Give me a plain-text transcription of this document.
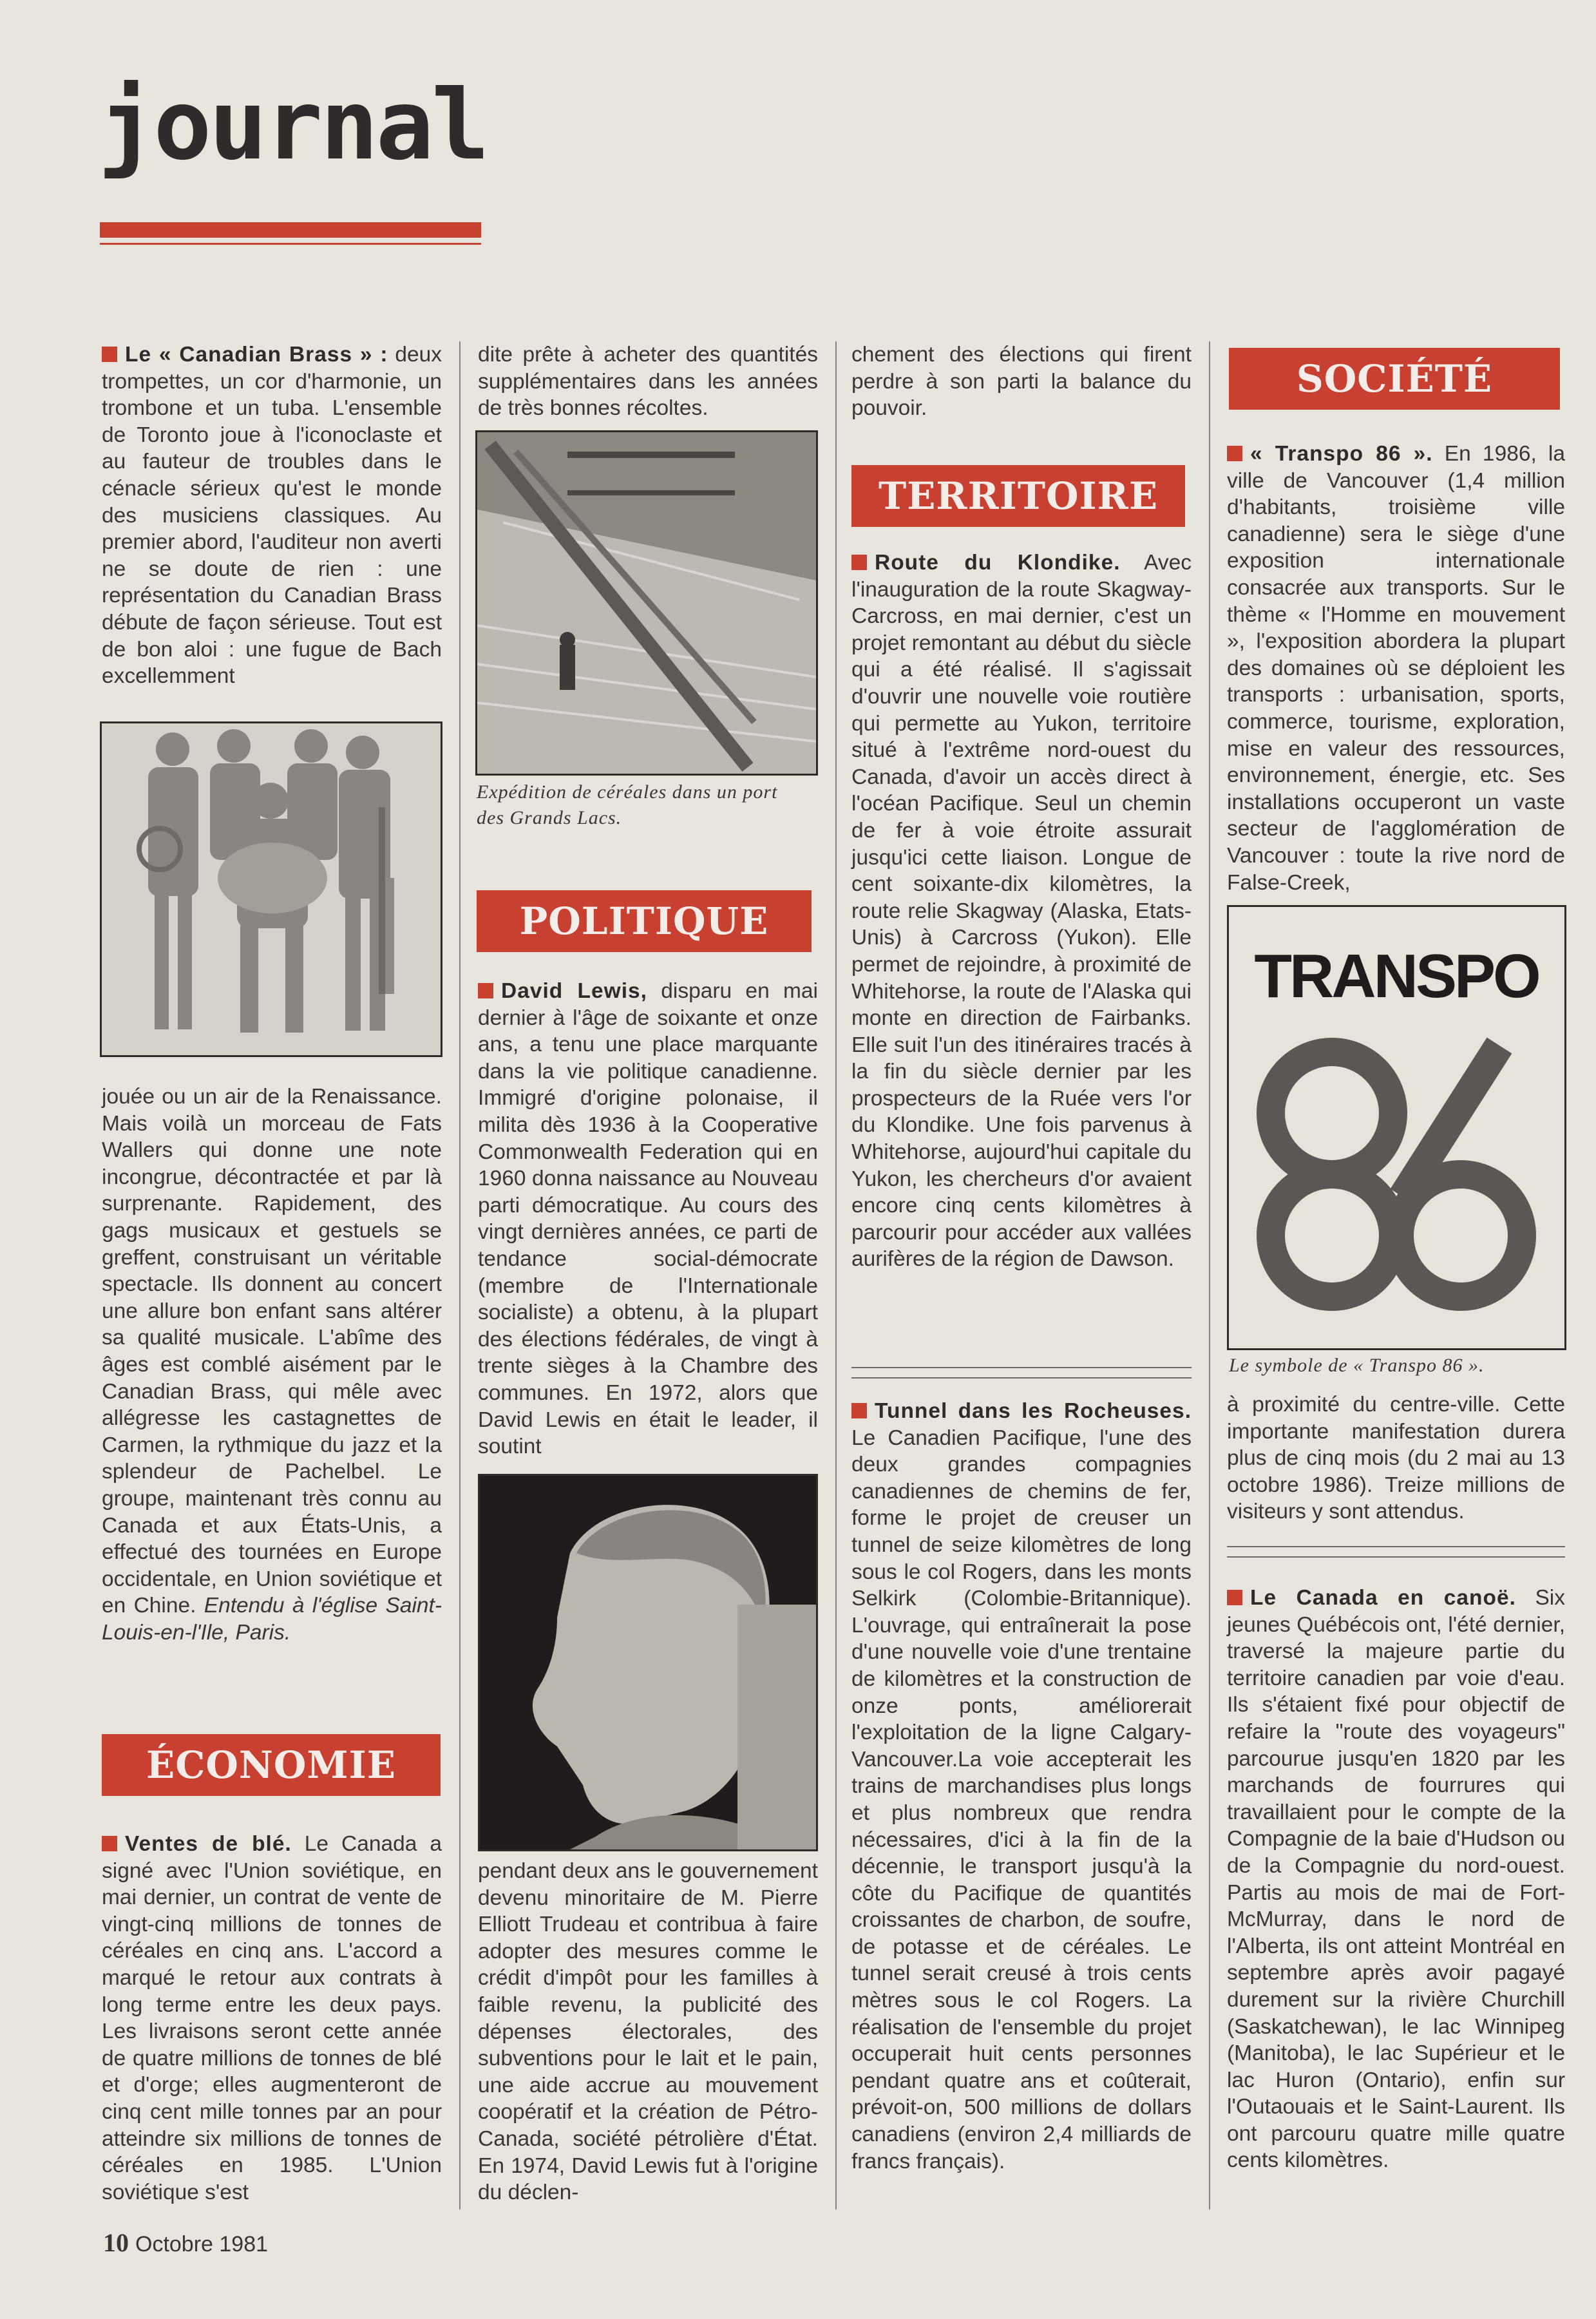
journal

Le « Canadian Brass » : deux trompettes, un cor d'harmonie, un trombone et un tuba. L'ensemble de Toronto joue à l'iconoclaste et au fauteur de troubles dans le cénacle sérieux qu'est le monde des musiciens classiques. Au premier abord, l'auditeur non averti ne se doute de rien : une représentation du Canadian Brass débute de façon sérieuse. Tout est de bon aloi : une fugue de Bach excellemment

jouée ou un air de la Renaissance. Mais voilà un morceau de Fats Wallers qui donne une note incongrue, décontractée et par là surprenante. Rapidement, des gags musicaux et gestuels se greffent, construisant un véritable spectacle. Ils donnent au concert une allure bon enfant sans altérer sa qualité musicale. L'abîme des âges est comblé aisément par le Canadian Brass, qui mêle avec allégresse les castagnettes de Carmen, la rythmique du jazz et la splendeur de Pachelbel. Le groupe, maintenant très connu au Canada et aux États-Unis, a effectué des tournées en Europe occidentale, en Union soviétique et en Chine. Entendu à l'église Saint-Louis-en-l'Ile, Paris.

ÉCONOMIE

Ventes de blé. Le Canada a signé avec l'Union soviétique, en mai dernier, un contrat de vente de vingt-cinq millions de tonnes de céréales en cinq ans. L'accord a marqué le retour aux contrats à long terme entre les deux pays. Les livraisons seront cette année de quatre millions de tonnes de blé et d'orge; elles augmenteront de cinq cent mille tonnes par an pour atteindre six millions de tonnes de céréales en 1985. L'Union soviétique s'est

dite prête à acheter des quantités supplémentaires dans les années de très bonnes récoltes.

Expédition de céréales dans un port des Grands Lacs.
POLITIQUE

David Lewis, disparu en mai dernier à l'âge de soixante et onze ans, a tenu une place marquante dans la vie politique canadienne. Immigré d'origine polonaise, il milita dès 1936 à la Cooperative Commonwealth Federation qui en 1960 donna naissance au Nouveau parti démocratique. Au cours des vingt dernières années, ce parti de tendance social-démocrate (membre de l'Internationale socialiste) a obtenu, à la plupart des élections fédérales, de vingt à trente sièges à la Chambre des communes. En 1972, alors que David Lewis en était le leader, il soutint

pendant deux ans le gouvernement devenu minoritaire de M. Pierre Elliott Trudeau et contribua à faire adopter des mesures comme le crédit d'impôt pour les familles à faible revenu, la publicité des dépenses électorales, des subventions pour le lait et le pain, une aide accrue au mouvement coopératif et la création de Pétro-Canada, société pétrolière d'État. En 1974, David Lewis fut à l'origine du déclen-

chement des élections qui firent perdre à son parti la balance du pouvoir.

TERRITOIRE

Route du Klondike. Avec l'inauguration de la route Skagway-Carcross, en mai dernier, c'est un projet remontant au début du siècle qui a été réalisé. Il s'agissait d'ouvrir une nouvelle voie routière qui permette au Yukon, territoire situé à l'extrême nord-ouest du Canada, d'avoir un accès direct à l'océan Pacifique. Seul un chemin de fer à voie étroite assurait jusqu'ici cette liaison. Longue de cent soixante-dix kilomètres, la route relie Skagway (Alaska, Etats-Unis) à Carcross (Yukon). Elle permet de rejoindre, à proximité de Whitehorse, la route de l'Alaska qui monte en direction de Fairbanks. Elle suit l'un des itinéraires tracés à la fin du siècle dernier par les prospecteurs de la Ruée vers l'or du Klondike. Une fois parvenus à Whitehorse, aujourd'hui capitale du Yukon, les chercheurs d'or avaient encore cinq cents kilomètres à parcourir pour accéder aux vallées aurifères de la région de Dawson.

Tunnel dans les Rocheuses. Le Canadien Pacifique, l'une des deux grandes compagnies canadiennes de chemins de fer, forme le projet de creuser un tunnel de seize kilomètres de long sous le col Rogers, dans les monts Selkirk (Colombie-Britannique). L'ouvrage, qui entraînerait la pose d'une nouvelle voie d'une trentaine de kilomètres et la construction de onze ponts, améliorerait l'exploitation de la ligne Calgary-Vancouver.La voie accepterait les trains de marchandises plus longs et plus nombreux que rendra nécessaires, d'ici à la fin de la décennie, le transport jusqu'à la côte du Pacifique de quantités croissantes de charbon, de soufre, de potasse et de céréales. Le tunnel serait creusé à trois cents mètres sous le col Rogers. La réalisation de l'ensemble du projet occuperait huit cents personnes pendant quatre ans et coûterait, prévoit-on, 500 millions de dollars canadiens (environ 2,4 milliards de francs français).

SOCIÉTÉ

« Transpo 86 ». En 1986, la ville de Vancouver (1,4 million d'habitants, troisième ville canadienne) sera le siège d'une exposition internationale consacrée aux transports. Sur le thème « l'Homme en mouvement », l'exposition abordera la plupart des domaines où se déploient les transports : urbanisation, sports, commerce, tourisme, exploration, mise en valeur des ressources, environnement, énergie, etc. Ses installations occuperont un vaste secteur de l'agglomération de Vancouver : toute la rive nord de False-Creek,

TRANSPO
Le symbole de « Transpo 86 ».

à proximité du centre-ville. Cette importante manifestation durera plus de cinq mois (du 2 mai au 13 octobre 1986). Treize millions de visiteurs y sont attendus.

Le Canada en canoë. Six jeunes Québécois ont, l'été dernier, traversé la majeure partie du territoire canadien par voie d'eau. Ils s'étaient fixé pour objectif de refaire la "route des voyageurs" parcourue jusqu'en 1820 par les marchands de fourrures qui travaillaient pour le compte de la Compagnie de la baie d'Hudson ou de la Compagnie du nord-ouest. Partis au mois de mai de Fort-McMurray, dans le nord de l'Alberta, ils ont atteint Montréal en septembre après avoir pagayé durement sur la rivière Churchill (Saskatchewan), le lac Winnipeg (Manitoba), le lac Supérieur et le lac Huron (Ontario), enfin sur l'Outaouais et le Saint-Laurent. Ils ont parcouru quatre mille quatre cents kilomètres.

10 Octobre 1981
